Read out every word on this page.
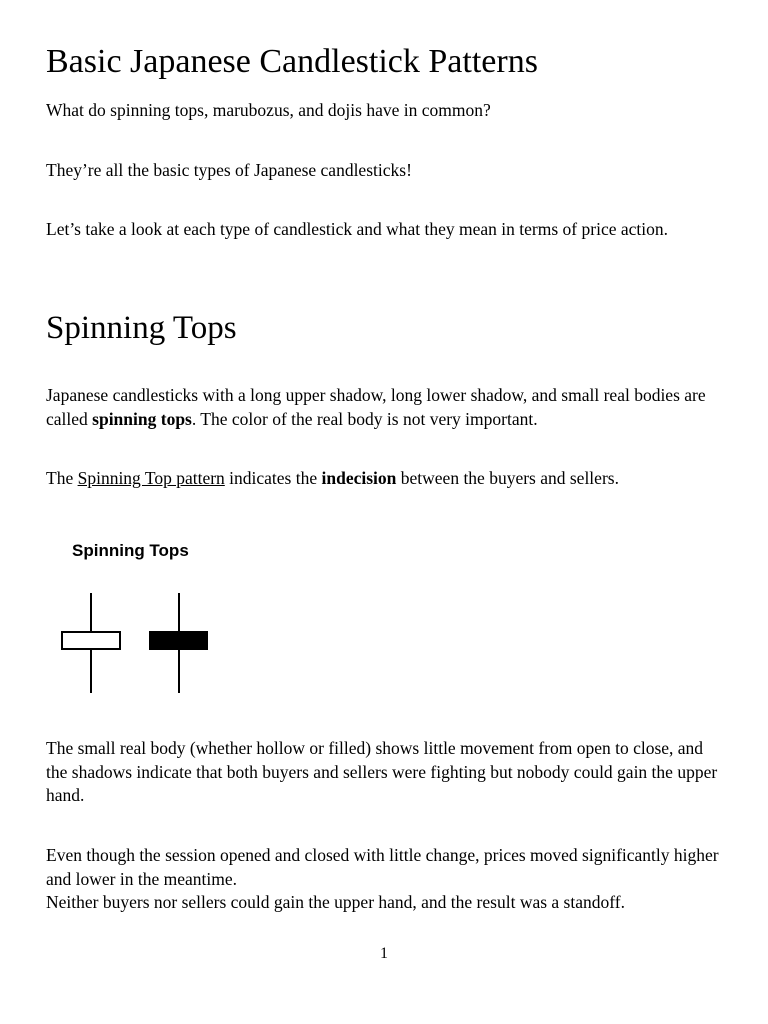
Basic Japanese Candlestick Patterns
What do spinning tops, marubozus, and dojis have in common?
They’re all the basic types of Japanese candlesticks!
Let’s take a look at each type of candlestick and what they mean in terms of price action.
Spinning Tops
Japanese candlesticks with a long upper shadow, long lower shadow, and small real bodies are called spinning tops. The color of the real body is not very important.
The Spinning Top pattern indicates the indecision between the buyers and sellers.
Spinning Tops
The small real body (whether hollow or filled) shows little movement from open to close, and the shadows indicate that both buyers and sellers were fighting but nobody could gain the upper hand.
Even though the session opened and closed with little change, prices moved significantly higher and lower in the meantime.
Neither buyers nor sellers could gain the upper hand, and the result was a standoff.
1
